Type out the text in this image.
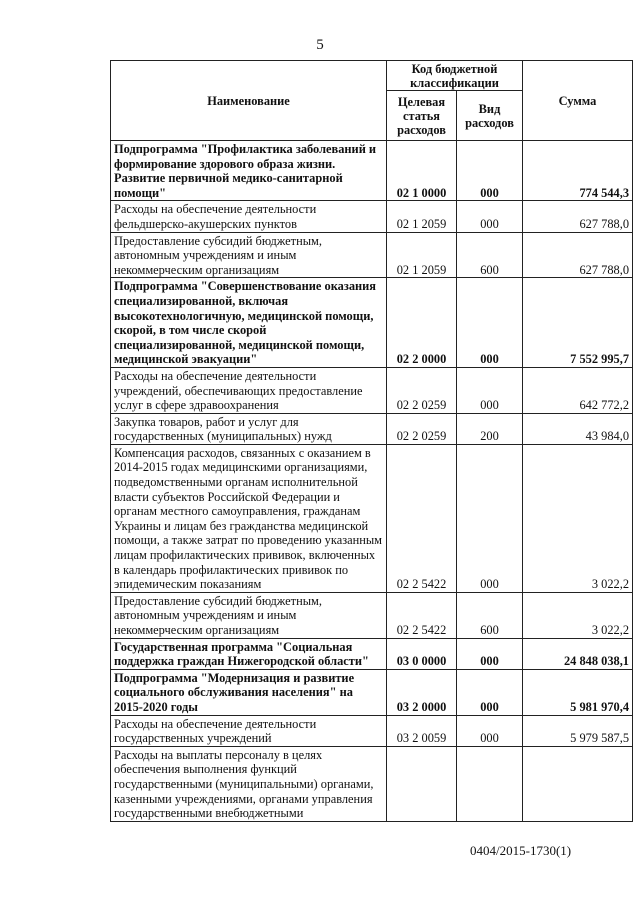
5
Наименование	Код бюджетной классификации		Сумма
	Целевая статья расходов	Вид расходов	
Подпрограмма "Профилактика заболеваний и формирование здорового образа жизни. Развитие первичной медико-санитарной помощи"	02 1 0000	000	774 544,3
Расходы на обеспечение деятельности фельдшерско-акушерских пунктов	02 1 2059	000	627 788,0
Предоставление субсидий бюджетным, автономным учреждениям и иным некоммерческим организациям	02 1 2059	600	627 788,0
Подпрограмма "Совершенствование оказания специализированной, включая высокотехнологичную, медицинской помощи, скорой, в том числе скорой специализированной, медицинской помощи, медицинской эвакуации"	02 2 0000	000	7 552 995,7
Расходы на обеспечение деятельности учреждений, обеспечивающих предоставление услуг в сфере здравоохранения	02 2 0259	000	642 772,2
Закупка товаров, работ и услуг для государственных (муниципальных) нужд	02 2 0259	200	43 984,0
Компенсация расходов, связанных с оказанием в 2014-2015 годах медицинскими организациями, подведомственными органам исполнительной власти субъектов Российской Федерации и органам местного самоуправления, гражданам Украины и лицам без гражданства медицинской помощи, а также затрат по проведению указанным лицам профилактических прививок, включенных в календарь профилактических прививок по эпидемическим показаниям	02 2 5422	000	3 022,2
Предоставление субсидий бюджетным, автономным учреждениям и иным некоммерческим организациям	02 2 5422	600	3 022,2
Государственная программа "Социальная поддержка граждан Нижегородской области"	03 0 0000	000	24 848 038,1
Подпрограмма "Модернизация и развитие социального обслуживания населения" на 2015-2020 годы	03 2 0000	000	5 981 970,4
Расходы на обеспечение деятельности государственных учреждений	03 2 0059	000	5 979 587,5
Расходы на выплаты персоналу в целях обеспечения выполнения функций государственными (муниципальными) органами, казенными учреждениями, органами управления государственными внебюджетными			
0404/2015-1730(1)
